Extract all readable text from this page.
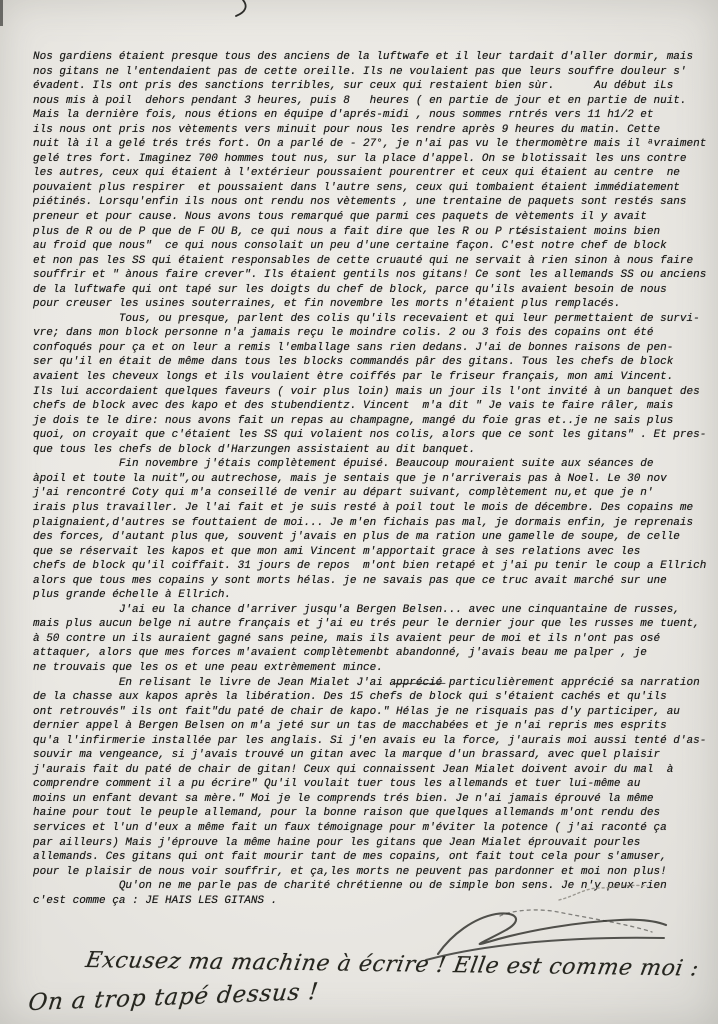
Nos gardiens étaient presque tous des anciens de la luftwafe et il leur tardait d'aller dormir, mais
nos gitans ne l'entendaient pas de cette oreille. Ils ne voulaient pas que leurs souffre douleur s'
évadent. Ils ont pris des sanctions terribles, sur ceux qui restaient bien sùr.      Au début iLs
nous mis à poil  dehors pendant 3 heures, puis 8   heures ( en partie de jour et en partie de nuit.
Mais la dernière fois, nous étions en équipe d'aprés-midi , nous sommes rntrés vers 11 h1/2 et
ils nous ont pris nos vètements vers minuit pour nous les rendre après 9 heures du matin. Cette
nuit là il a gelé trés trés fort. On a parlé de - 27°, je n'ai pas vu le thermomètre mais il ᵃvraiment
gelé tres fort. Imaginez 700 hommes tout nus, sur la place d'appel. On se blotissait les uns contre
les autres, ceux qui étaient à l'extérieur poussaient pourentrer et ceux qui étaient au centre  ne
pouvaient plus respirer  et poussaient dans l'autre sens, ceux qui tombaient étaient immédiatement
piétinés. Lorsqu'enfin ils nous ont rendu nos vètements , une trentaine de paquets sont restés sans
preneur et pour cause. Nous avons tous remarqué que parmi ces paquets de vètements il y avait
plus de R ou de P que de F OU B, ce qui nous a fait dire que les R ou P rt̶ésistaient moins bien
au froid que nous"  ce qui nous consolait un peu d'une certaine façon. C'est notre chef de block
et non pas les SS qui étaient responsables de cette cruauté qui ne servait à rien sinon à nous faire
souffrir et " ànous faire crever". Ils étaient gentils nos gitans! Ce sont les allemands SS ou anciens
de la luftwafe qui ont tapé sur les doigts du chef de block, parce qu'ils avaient besoin de nous
pour creuser les usines souterraines, et fin novembre les morts n'étaient plus remplacés.
Tous, ou presque, parlent des colis qu'ils recevaient et qui leur permettaient de survi-
vre; dans mon block personne n'a jamais reçu le moindre colis. 2 ou 3 fois des copains ont été
confoqués pour ça et on leur a remis l'emballage sans rien dedans. J'ai de bonnes raisons de pen-
ser qu'il en était de même dans tous les blocks commandés pâr des gitans. Tous les chefs de block
avaient les cheveux longs et ils voulaient ètre coiffés par le friseur français, mon ami Vincent.
Ils lui accordaient quelques faveurs ( voir plus loin) mais un jour ils l'ont invité à un banquet des
chefs de block avec des kapo et des stubendientz. Vincent  m'a dit " Je vais te faire râler, mais
je dois te le dire: nous avons fait un repas au champagne, mangé du foie gras et..je ne sais plus
quoi, on croyait que c'étaient les SS qui volaient nos colis, alors que ce sont les gitans" . Et pres-
que tous les chefs de block d'Harzungen assistaient au dit banquet.
Fin novembre j'étais complètement épuisé. Beaucoup mouraient suite aux séances de
àpoil et toute la nuit",ou autrechose, mais je sentais que je n'arriverais pas à Noel. Le 30 nov
j'ai rencontré Coty qui m'a conseillé de venir au départ suivant, complètement nu,et que je n'
irais plus travailler. Je l'ai fait et je suis resté à poil tout le mois de décembre. Des copains me
plaignaient,d'autres se fouttaient de moi... Je m'en fichais pas mal, je dormais enfin, je reprenais
des forces, d'autant plus que, souvent j'avais en plus de ma ration une gamelle de soupe, de celle
que se réservait les kapos et que mon ami Vincent m'apportait grace à ses relations avec les
chefs de block qu'il coiffait. 31 jours de repos  m'ont bien retapé et j'ai pu tenir le coup a Ellrich
alors que tous mes copains y sont morts hélas. je ne savais pas que ce truc avait marché sur une
plus grande échelle à Ellrich.
J'ai eu la chance d'arriver jusqu'a Bergen Belsen... avec une cinquantaine de russes,
mais plus aucun belge ni autre français et j'ai eu trés peur le dernier jour que les russes me tuent,
à 50 contre un ils auraient gagné sans peine, mais ils avaient peur de moi et ils n'ont pas osé
attaquer, alors que mes forces m'avaient complètemenbt abandonné, j'avais beau me palper , je
ne trouvais que les os et une peau extrèmement mince.
En relisant le livre de Jean Mialet J'ai a̶p̶p̶r̶é̶c̶i̶é̶ particulièrement apprécié sa narration
de la chasse aux kapos après la libération. Des 15 chefs de block qui s'étaient cachés et qu'ils
ont retrouvés" ils ont fait"du paté de chair de kapo." Hélas je ne risquais pas d'y participer, au
dernier appel à Bergen Belsen on m'a jeté sur un tas de macchabées et je n'ai repris mes esprits
qu'a l'infirmerie installée par les anglais. Si j'en avais eu la force, j'aurais moi aussi tenté d'as-
souvir ma vengeance, si j'avais trouvé un gitan avec la marque d'un brassard, avec quel plaisir
j'aurais fait du paté de chair de gitan! Ceux qui connaissent Jean Mialet doivent avoir du mal  à
comprendre comment il a pu écrire" Qu'il voulait tuer tous les allemands et tuer lui-même au
moins un enfant devant sa mère." Moi je le comprends trés bien. Je n'ai jamais éprouvé la même
haine pour tout le peuple allemand, pour la bonne raison que quelques allemands m'ont rendu des
services et l'un d'eux a même fait un faux témoignage pour m'éviter la potence ( j'ai raconté ça
par ailleurs) Mais j'éprouve la même haine pour les gitans que Jean Mialet éprouvait pourles
allemands. Ces gitans qui ont fait mourir tant de mes copains, ont fait tout cela pour s'amuser,
pour le plaisir de nous voir souffrir, et ça,les morts ne peuvent pas pardonner et moi non plus!
Qu'on ne me parle pas de charité chrétienne ou de simple bon sens. Je n'y peux rien
c'est comme ça : JE HAIS LES GITANS .
Excusez ma machine à écrire ! Elle est comme moi :
On a trop tapé dessus !
